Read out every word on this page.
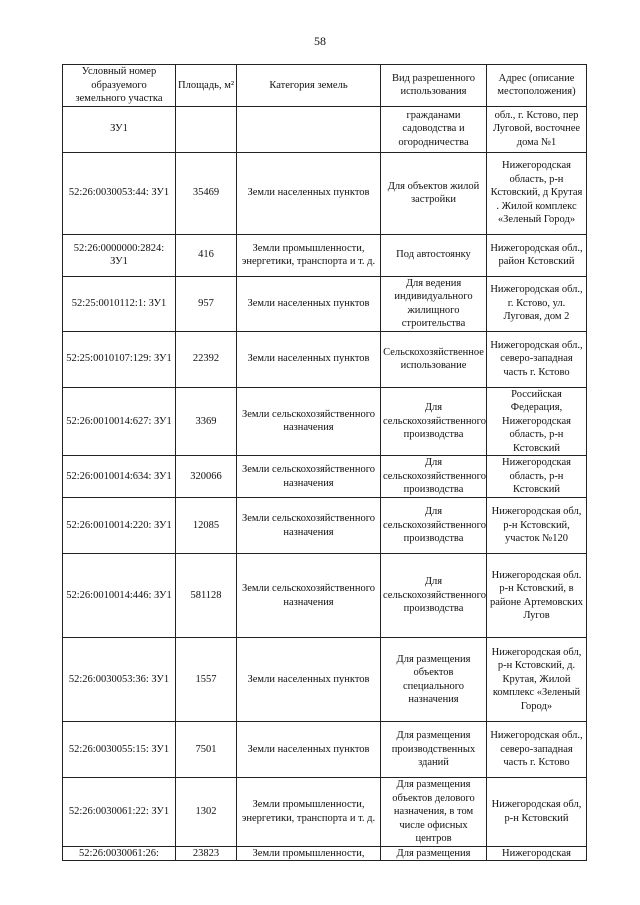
58
Условный номер образуемого земельного участка	Площадь, м²	Категория земель	Вид разрешенного использования	Адрес (описание местоположения)
ЗУ1			гражданами садоводства и огородничества	обл., г. Кстово, пер Луговой, восточнее дома №1
52:26:0030053:44: ЗУ1	35469	Земли населенных пунктов	Для объектов жилой застройки	Нижегородская область, р-н Кстовский, д Крутая . Жилой комплекс «Зеленый Город»
52:26:0000000:2824: ЗУ1	416	Земли промышленности, энергетики, транспорта и т. д.	Под автостоянку	Нижегородская обл., район Кстовский
52:25:0010112:1: ЗУ1	957	Земли населенных пунктов	Для ведения индивидуального жилищного строительства	Нижегородская обл., г. Кстово, ул. Луговая, дом 2
52:25:0010107:129: ЗУ1	22392	Земли населенных пунктов	Сельскохозяйственное использование	Нижегородская обл., северо-западная часть г. Кстово
52:26:0010014:627: ЗУ1	3369	Земли сельскохозяйственного назначения	Для сельскохозяйственного производства	Российская Федерация, Нижегородская область, р-н Кстовский
52:26:0010014:634: ЗУ1	320066	Земли сельскохозяйственного назначения	Для сельскохозяйственного производства	Нижегородская область, р-н Кстовский
52:26:0010014:220: ЗУ1	12085	Земли сельскохозяйственного назначения	Для сельскохозяйственного производства	Нижегородская обл, р-н Кстовский, участок №120
52:26:0010014:446: ЗУ1	581128	Земли сельскохозяйственного назначения	Для сельскохозяйственного производства	Нижегородская обл. р-н Кстовский, в районе Артемовских Лугов
52:26:0030053:36: ЗУ1	1557	Земли населенных пунктов	Для размещения объектов специального назначения	Нижегородская обл, р-н Кстовский, д. Крутая, Жилой комплекс «Зеленый Город»
52:26:0030055:15: ЗУ1	7501	Земли населенных пунктов	Для размещения производственных зданий	Нижегородская обл., северо-западная часть г. Кстово
52:26:0030061:22: ЗУ1	1302	Земли промышленности, энергетики, транспорта и т. д.	Для размещения объектов делового назначения, в том числе офисных центров	Нижегородская обл, р-н Кстовский
52:26:0030061:26:	23823	Земли промышленности,	Для размещения	Нижегородская
